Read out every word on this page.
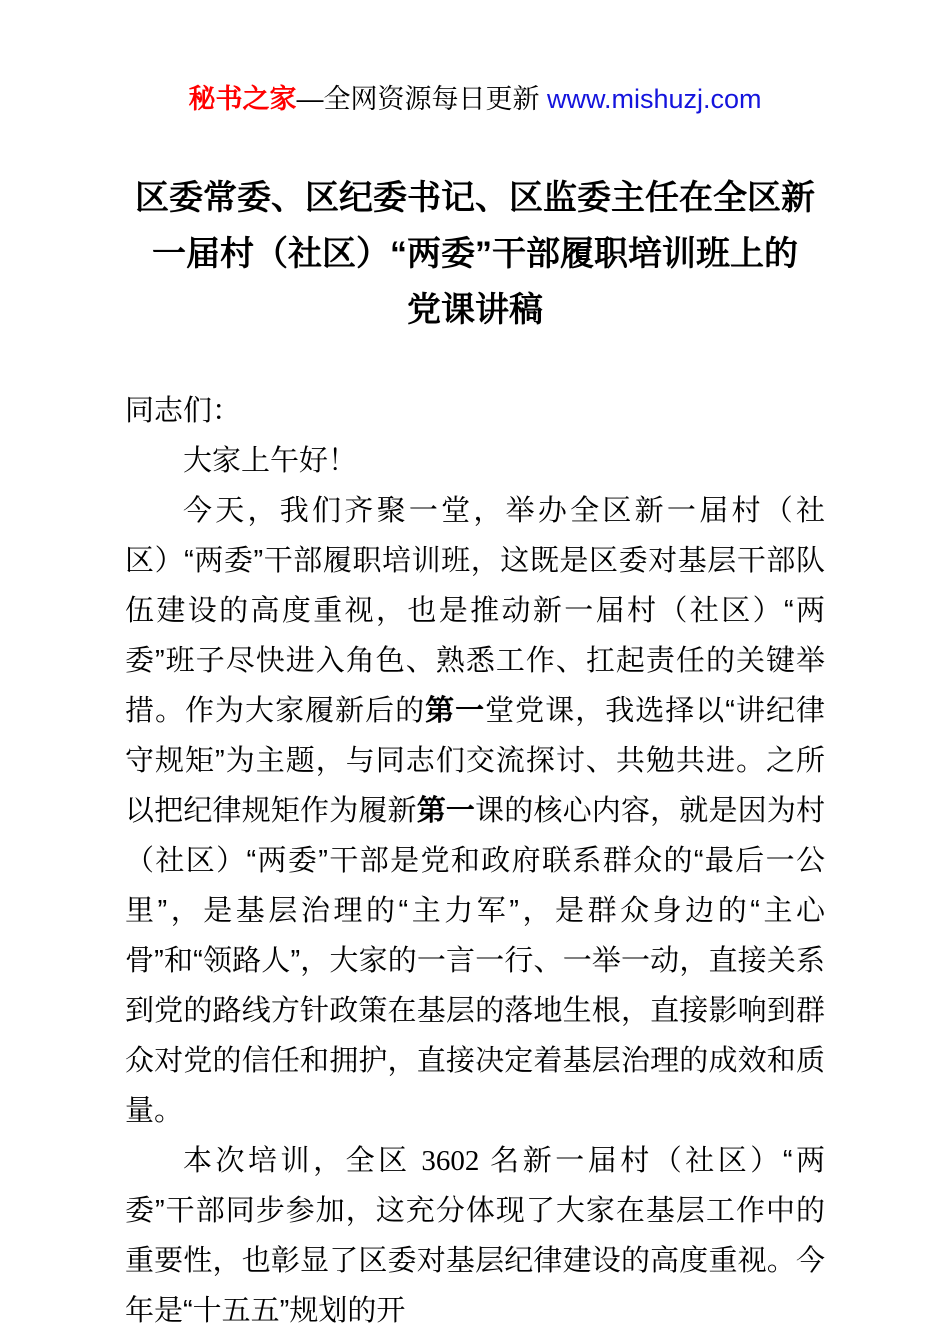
秘书之家—全网资源每日更新 www.mishuzj.com
区委常委、区纪委书记、区监委主任在全区新
一届村（社区）“两委”干部履职培训班上的
党课讲稿

同志们：

大家上午好！

今天，我们齐聚一堂，举办全区新一届村（社区）“两委”干部履职培训班，这既是区委对基层干部队伍建设的高度重视，也是推动新一届村（社区）“两委”班子尽快进入角色、熟悉工作、扛起责任的关键举措。作为大家履新后的第一堂党课，我选择以“讲纪律守规矩”为主题，与同志们交流探讨、共勉共进。之所以把纪律规矩作为履新第一课的核心内容，就是因为村（社区）“两委”干部是党和政府联系群众的“最后一公里”，是基层治理的“主力军”，是群众身边的“主心骨”和“领路人”，大家的一言一行、一举一动，直接关系到党的路线方针政策在基层的落地生根，直接影响到群众对党的信任和拥护，直接决定着基层治理的成效和质量。

本次培训，全区 3602 名新一届村（社区）“两委”干部同步参加，这充分体现了大家在基层工作中的重要性，也彰显了区委对基层纪律建设的高度重视。今年是“十五五”规划的开
